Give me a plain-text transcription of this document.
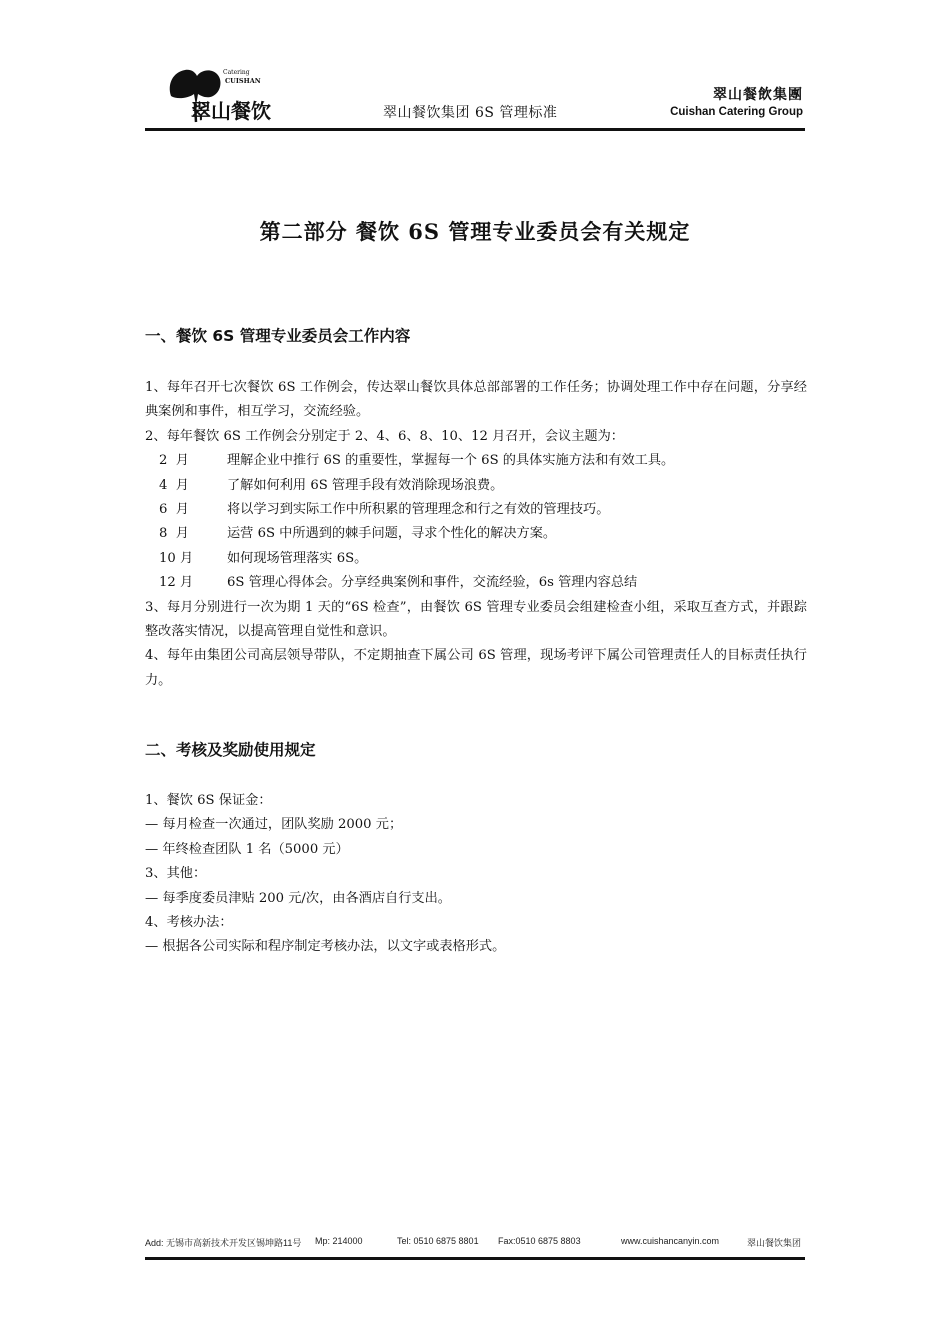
Catering
CUISHAN
翠山餐饮	翠山餐饮集团 6S 管理标准
翠山餐飲集團
Cuishan Catering Group
第二部分 餐饮 6S 管理专业委员会有关规定
一、餐饮 6S 管理专业委员会工作内容
1、每年召开七次餐饮 6S 工作例会，传达翠山餐饮具体总部部署的工作任务；协调处理工作中存在问题，分享经典案例和事件，相互学习，交流经验。
2、每年餐饮 6S 工作例会分别定于 2、4、6、8、10、12 月召开，会议主题为：
2  月	理解企业中推行 6S 的重要性，掌握每一个 6S 的具体实施方法和有效工具。
4  月	了解如何利用 6S 管理手段有效消除现场浪费。
6  月	将以学习到实际工作中所积累的管理理念和行之有效的管理技巧。
8  月	运营 6S 中所遇到的棘手问题，寻求个性化的解决方案。
10 月	如何现场管理落实 6S。
12 月	6S 管理心得体会。分享经典案例和事件，交流经验，6s 管理内容总结
3、每月分别进行一次为期 1 天的“6S 检查”，由餐饮 6S 管理专业委员会组建检查小组，采取互查方式，并跟踪整改落实情况，以提高管理自觉性和意识。
4、每年由集团公司高层领导带队，不定期抽查下属公司 6S 管理，现场考评下属公司管理责任人的目标责任执行力。
二、考核及奖励使用规定
1、餐饮 6S 保证金：
— 每月检查一次通过，团队奖励 2000 元；
— 年终检查团队 1 名（5000 元）
3、其他：
— 每季度委员津贴 200 元/次，由各酒店自行支出。
4、考核办法：
— 根据各公司实际和程序制定考核办法，以文字或表格形式。
Add: 无锡市高新技术开发区锡坤路11号 Mp: 214000	Tel: 0510 6875 8801 Fax:0510 6875 8803	www.cuishancanyin.com	翠山餐饮集团
